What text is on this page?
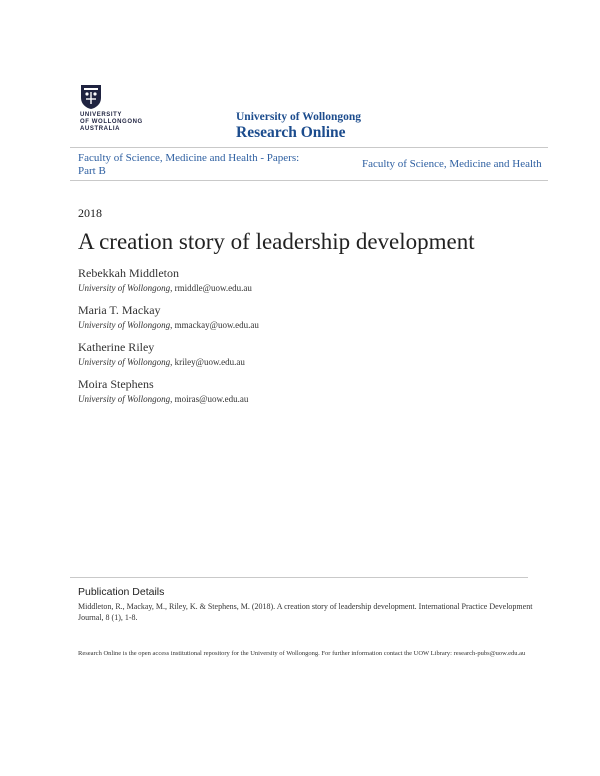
UNIVERSITY
OF WOLLONGONG
AUSTRALIA
University of Wollongong
Research Online
Faculty of Science, Medicine and Health - Papers: Part B
Faculty of Science, Medicine and Health
2018
A creation story of leadership development
Rebekkah Middleton
University of Wollongong, rmiddle@uow.edu.au
Maria T. Mackay
University of Wollongong, mmackay@uow.edu.au
Katherine Riley
University of Wollongong, kriley@uow.edu.au
Moira Stephens
University of Wollongong, moiras@uow.edu.au
Publication Details
Middleton, R., Mackay, M., Riley, K. & Stephens, M. (2018). A creation story of leadership development. International Practice Development Journal, 8 (1), 1-8.
Research Online is the open access institutional repository for the University of Wollongong. For further information contact the UOW Library: research-pubs@uow.edu.au
